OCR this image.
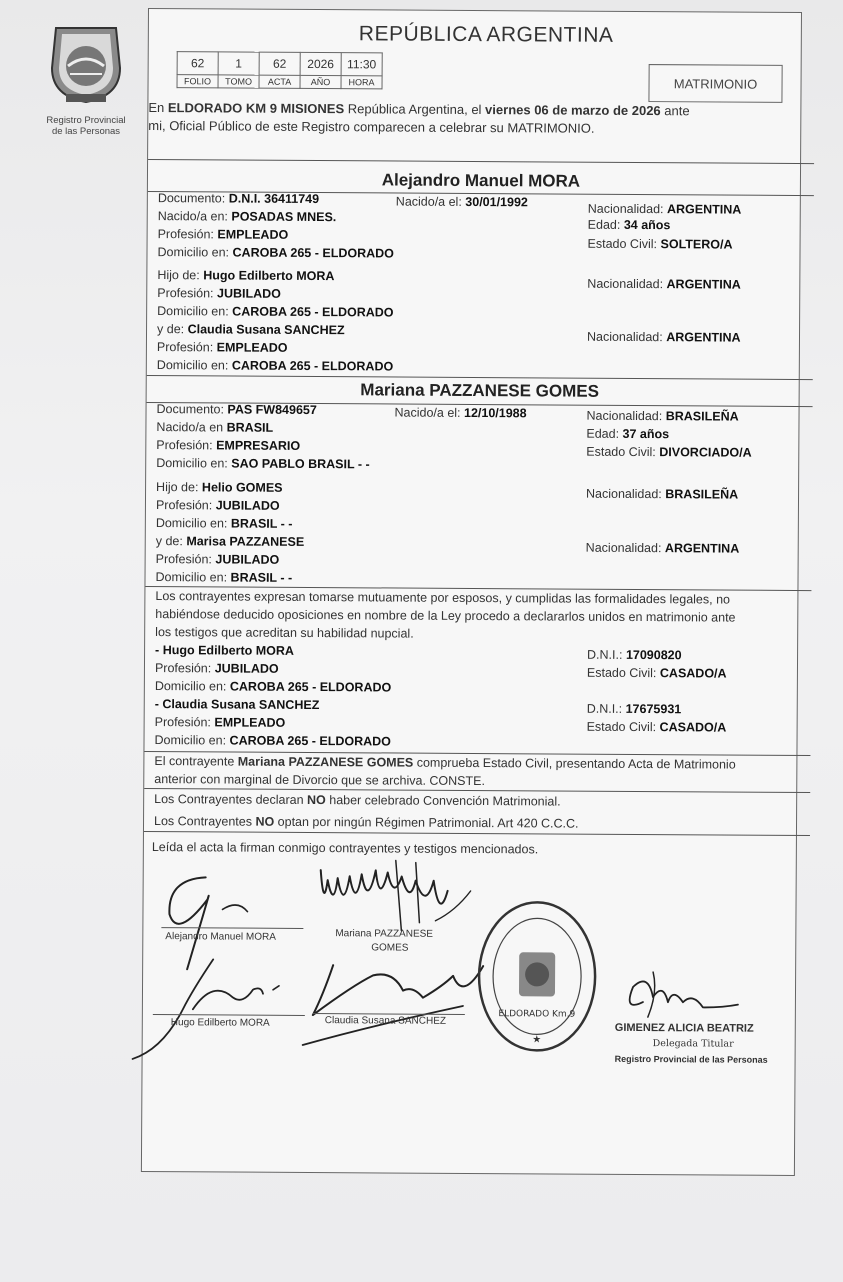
Registro Provincial
de las Personas
REPÚBLICA ARGENTINA
62	1	62	2026	11:30
FOLIO	TOMO	ACTA	AÑO	HORA	MATRIMONIO
En ELDORADO KM 9 MISIONES República Argentina, el viernes 06 de marzo de 2026 ante
mi, Oficial Público de este Registro comparecen a celebrar su MATRIMONIO.
Alejandro Manuel MORA
Documento: D.N.I. 36411749	Nacido/a el: 30/01/1992	Nacionalidad: ARGENTINA
Nacido/a en: POSADAS MNES.
Edad: 34 años
Profesión: EMPLEADO
Estado Civil: SOLTERO/A
Domicilio en: CAROBA 265 - ELDORADO
Hijo de: Hugo Edilberto MORA
Nacionalidad: ARGENTINA
Profesión: JUBILADO
Domicilio en: CAROBA 265 - ELDORADO
y de: Claudia Susana SANCHEZ	Nacionalidad: ARGENTINA
Profesión: EMPLEADO
Domicilio en: CAROBA 265 - ELDORADO
Mariana PAZZANESE GOMES
Documento: PAS FW849657	Nacido/a el: 12/10/1988	Nacionalidad: BRASILEÑA
Nacido/a en BRASIL	Edad: 37 años
Profesión: EMPRESARIO	Estado Civil: DIVORCIADO/A
Domicilio en: SAO PABLO BRASIL - -
Hijo de: Helio GOMES	Nacionalidad: BRASILEÑA
Profesión: JUBILADO
Domicilio en: BRASIL - -
y de: Marisa PAZZANESE	Nacionalidad: ARGENTINA
Profesión: JUBILADO
Domicilio en: BRASIL - -
Los contrayentes expresan tomarse mutuamente por esposos, y cumplidas las formalidades legales, no
habiéndose deducido oposiciones en nombre de la Ley procedo a declararlos unidos en matrimonio ante
los testigos que acreditan su habilidad nupcial.
- Hugo Edilberto MORA	D.N.I.: 17090820
Profesión: JUBILADO	Estado Civil: CASADO/A
Domicilio en: CAROBA 265 - ELDORADO
- Claudia Susana SANCHEZ	D.N.I.: 17675931
Profesión: EMPLEADO	Estado Civil: CASADO/A
Domicilio en: CAROBA 265 - ELDORADO
El contrayente Mariana PAZZANESE GOMES comprueba Estado Civil, presentando Acta de Matrimonio
anterior con marginal de Divorcio que se archiva. CONSTE.
Los Contrayentes declaran NO haber celebrado Convención Matrimonial.
Los Contrayentes NO optan por ningún Régimen Patrimonial. Art 420 C.C.C.
Leída el acta la firman conmigo contrayentes y testigos mencionados.
Alejandro Manuel MORA	Mariana PAZZANESE
GOMES
Hugo Edilberto MORA	Claudia Susana SANCHEZ
ELDORADO Km.9
★
GIMENEZ ALICIA BEATRIZ
Delegada Titular
Registro Provincial de las Personas
